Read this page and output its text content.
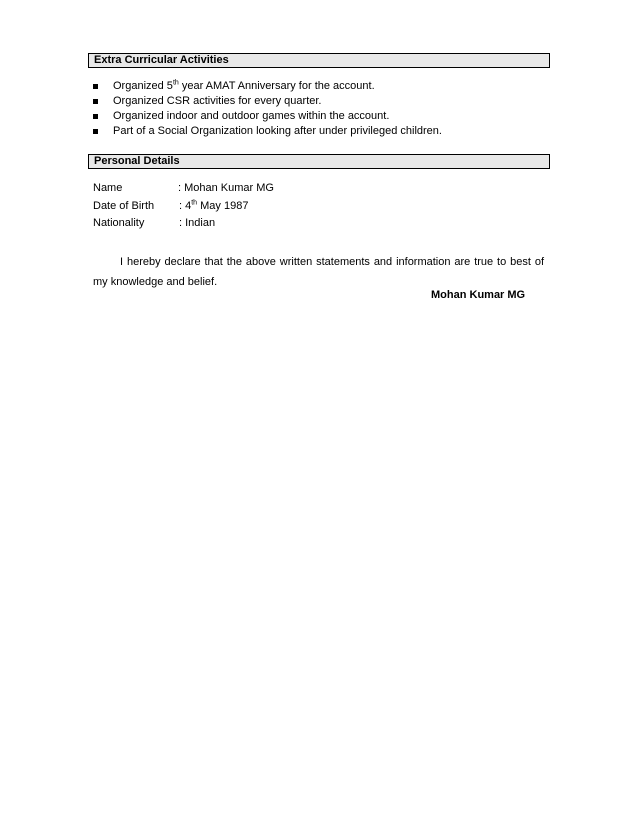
Extra Curricular Activities
Organized 5th year AMAT Anniversary for the account.
Organized CSR activities for every quarter.
Organized indoor and outdoor games within the account.
Part of a Social Organization looking after under privileged children.
Personal Details
Name	: Mohan Kumar MG
Date of Birth : 4th May 1987
Nationality	: Indian
I hereby declare that the above written statements and information are true to best of my knowledge and belief.
Mohan Kumar MG
